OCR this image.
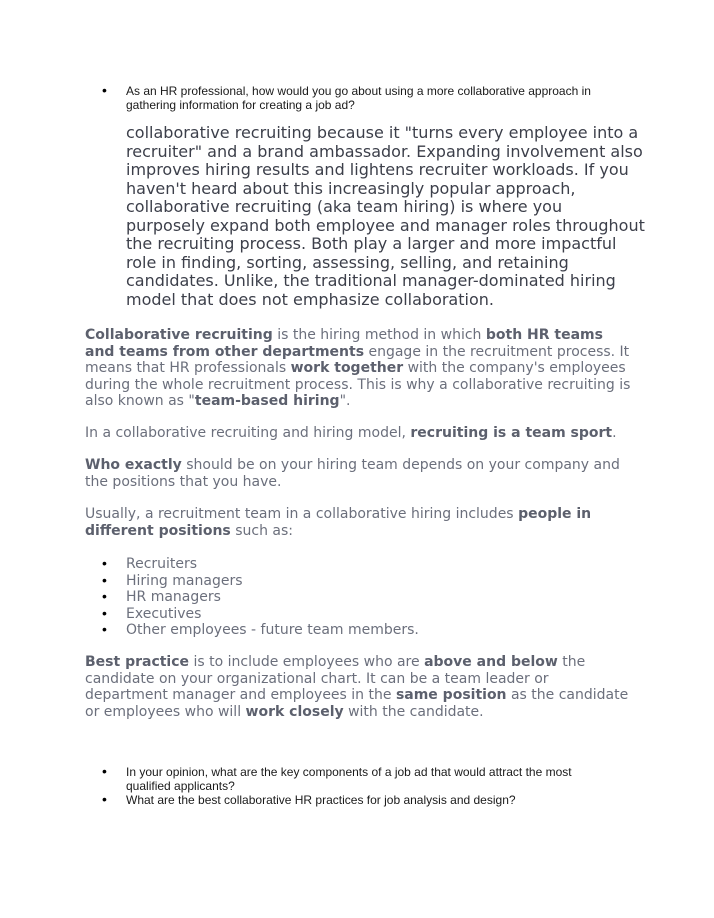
• As an HR professional, how would you go about using a more collaborative approach in gathering information for creating a job ad?
collaborative recruiting because it "turns every employee into a recruiter" and a brand ambassador. Expanding involvement also improves hiring results and lightens recruiter workloads. If you haven't heard about this increasingly popular approach, collaborative recruiting (aka team hiring) is where you purposely expand both employee and manager roles throughout the recruiting process. Both play a larger and more impactful role in finding, sorting, assessing, selling, and retaining candidates. Unlike, the traditional manager-dominated hiring model that does not emphasize collaboration.

Collaborative recruiting is the hiring method in which both HR teams and teams from other departments engage in the recruitment process. It means that HR professionals work together with the company's employees during the whole recruitment process. This is why a collaborative recruiting is also known as "team-based hiring".

In a collaborative recruiting and hiring model, recruiting is a team sport.

Who exactly should be on your hiring team depends on your company and the positions that you have.

Usually, a recruitment team in a collaborative hiring includes people in different positions such as:

• Recruiters
• Hiring managers
• HR managers
• Executives
• Other employees - future team members.

Best practice is to include employees who are above and below the candidate on your organizational chart. It can be a team leader or department manager and employees in the same position as the candidate or employees who will work closely with the candidate.

• In your opinion, what are the key components of a job ad that would attract the most qualified applicants?
• What are the best collaborative HR practices for job analysis and design?
